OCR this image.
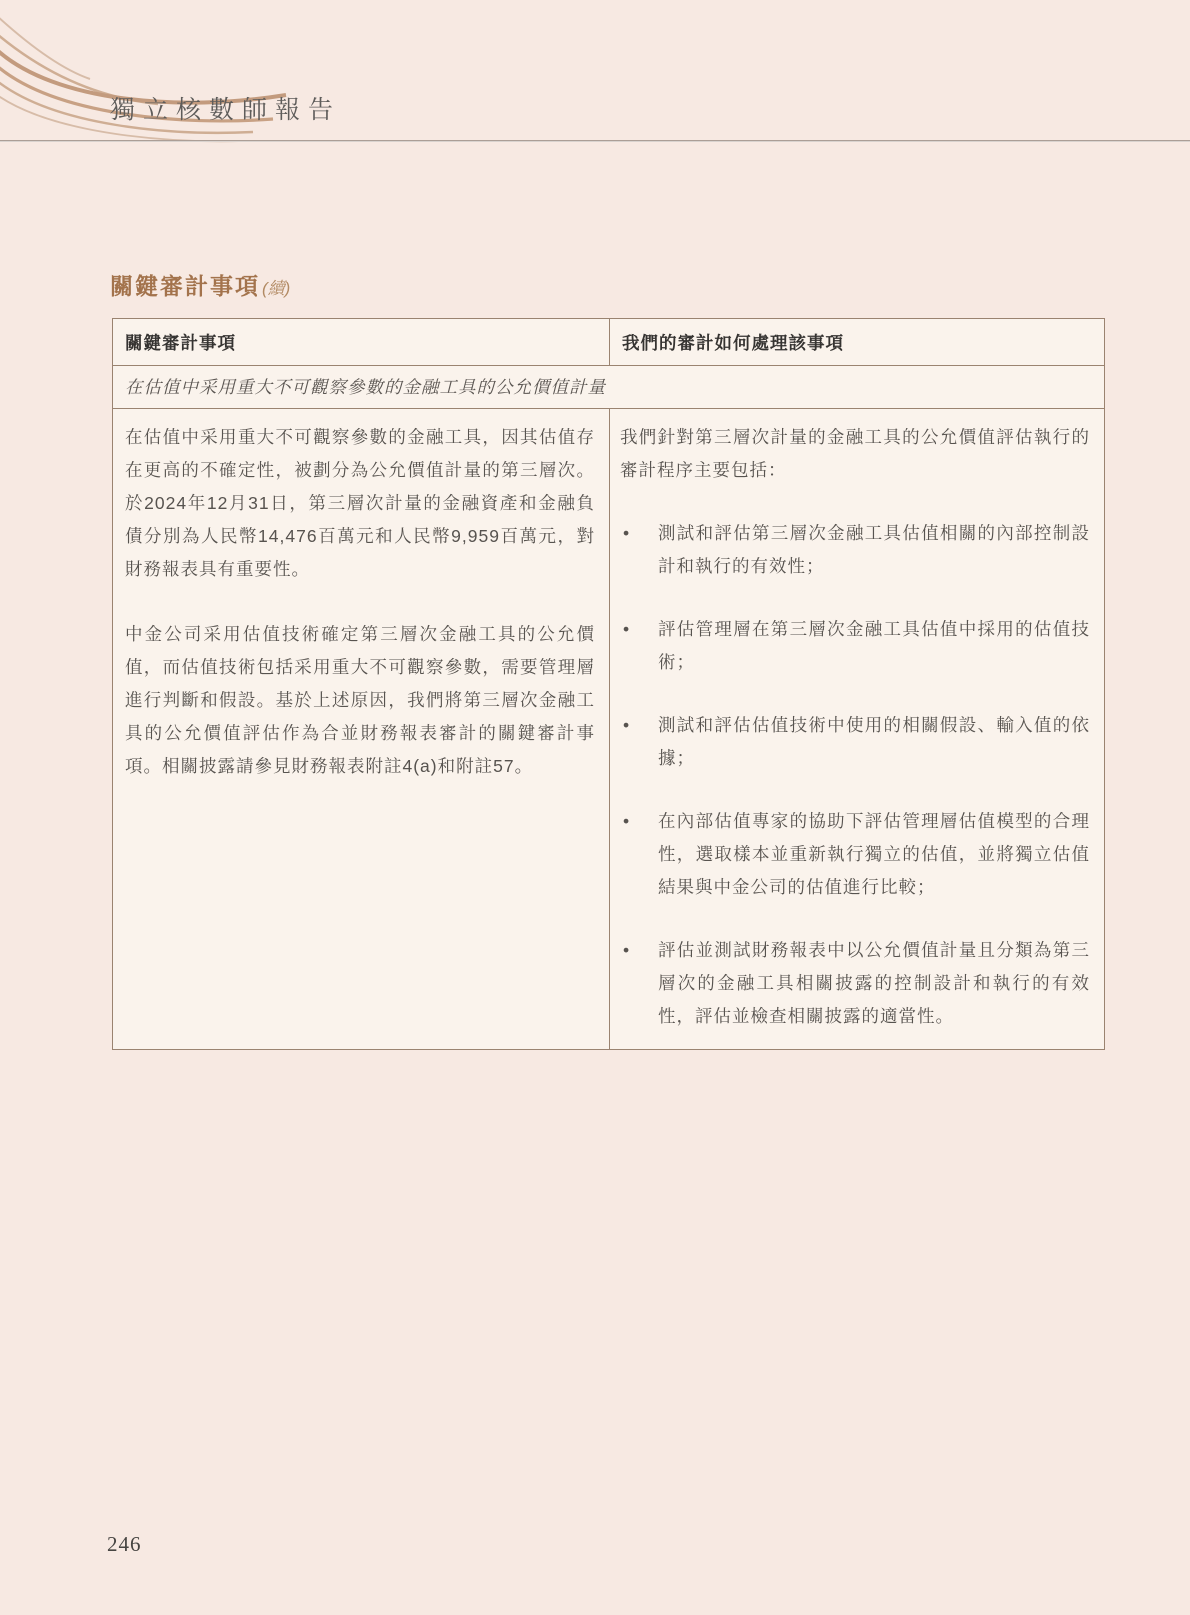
獨立核數師報告
關鍵審計事項 (續)
關鍵審計事項	我們的審計如何處理該事項
在估值中采用重大不可觀察參數的金融工具的公允價值計量

在估值中采用重大不可觀察參數的金融工具，因其估值存在更高的不確定性，被劃分為公允價值計量的第三層次。於2024年12月31日，第三層次計量的金融資產和金融負債分別為人民幣14,476百萬元和人民幣9,959百萬元，對財務報表具有重要性。

中金公司采用估值技術確定第三層次金融工具的公允價值，而估值技術包括采用重大不可觀察參數，需要管理層進行判斷和假設。基於上述原因，我們將第三層次金融工具的公允價值評估作為合並財務報表審計的關鍵審計事項。相關披露請參見財務報表附註4(a)和附註57。

我們針對第三層次計量的金融工具的公允價值評估執行的審計程序主要包括：

•	測試和評估第三層次金融工具估值相關的內部控制設計和執行的有效性；
•	評估管理層在第三層次金融工具估值中採用的估值技術；
•	測試和評估估值技術中使用的相關假設、輸入值的依據；
•	在內部估值專家的協助下評估管理層估值模型的合理性，選取樣本並重新執行獨立的估值，並將獨立估值結果與中金公司的估值進行比較；
•	評估並測試財務報表中以公允價值計量且分類為第三層次的金融工具相關披露的控制設計和執行的有效性，評估並檢查相關披露的適當性。
246
